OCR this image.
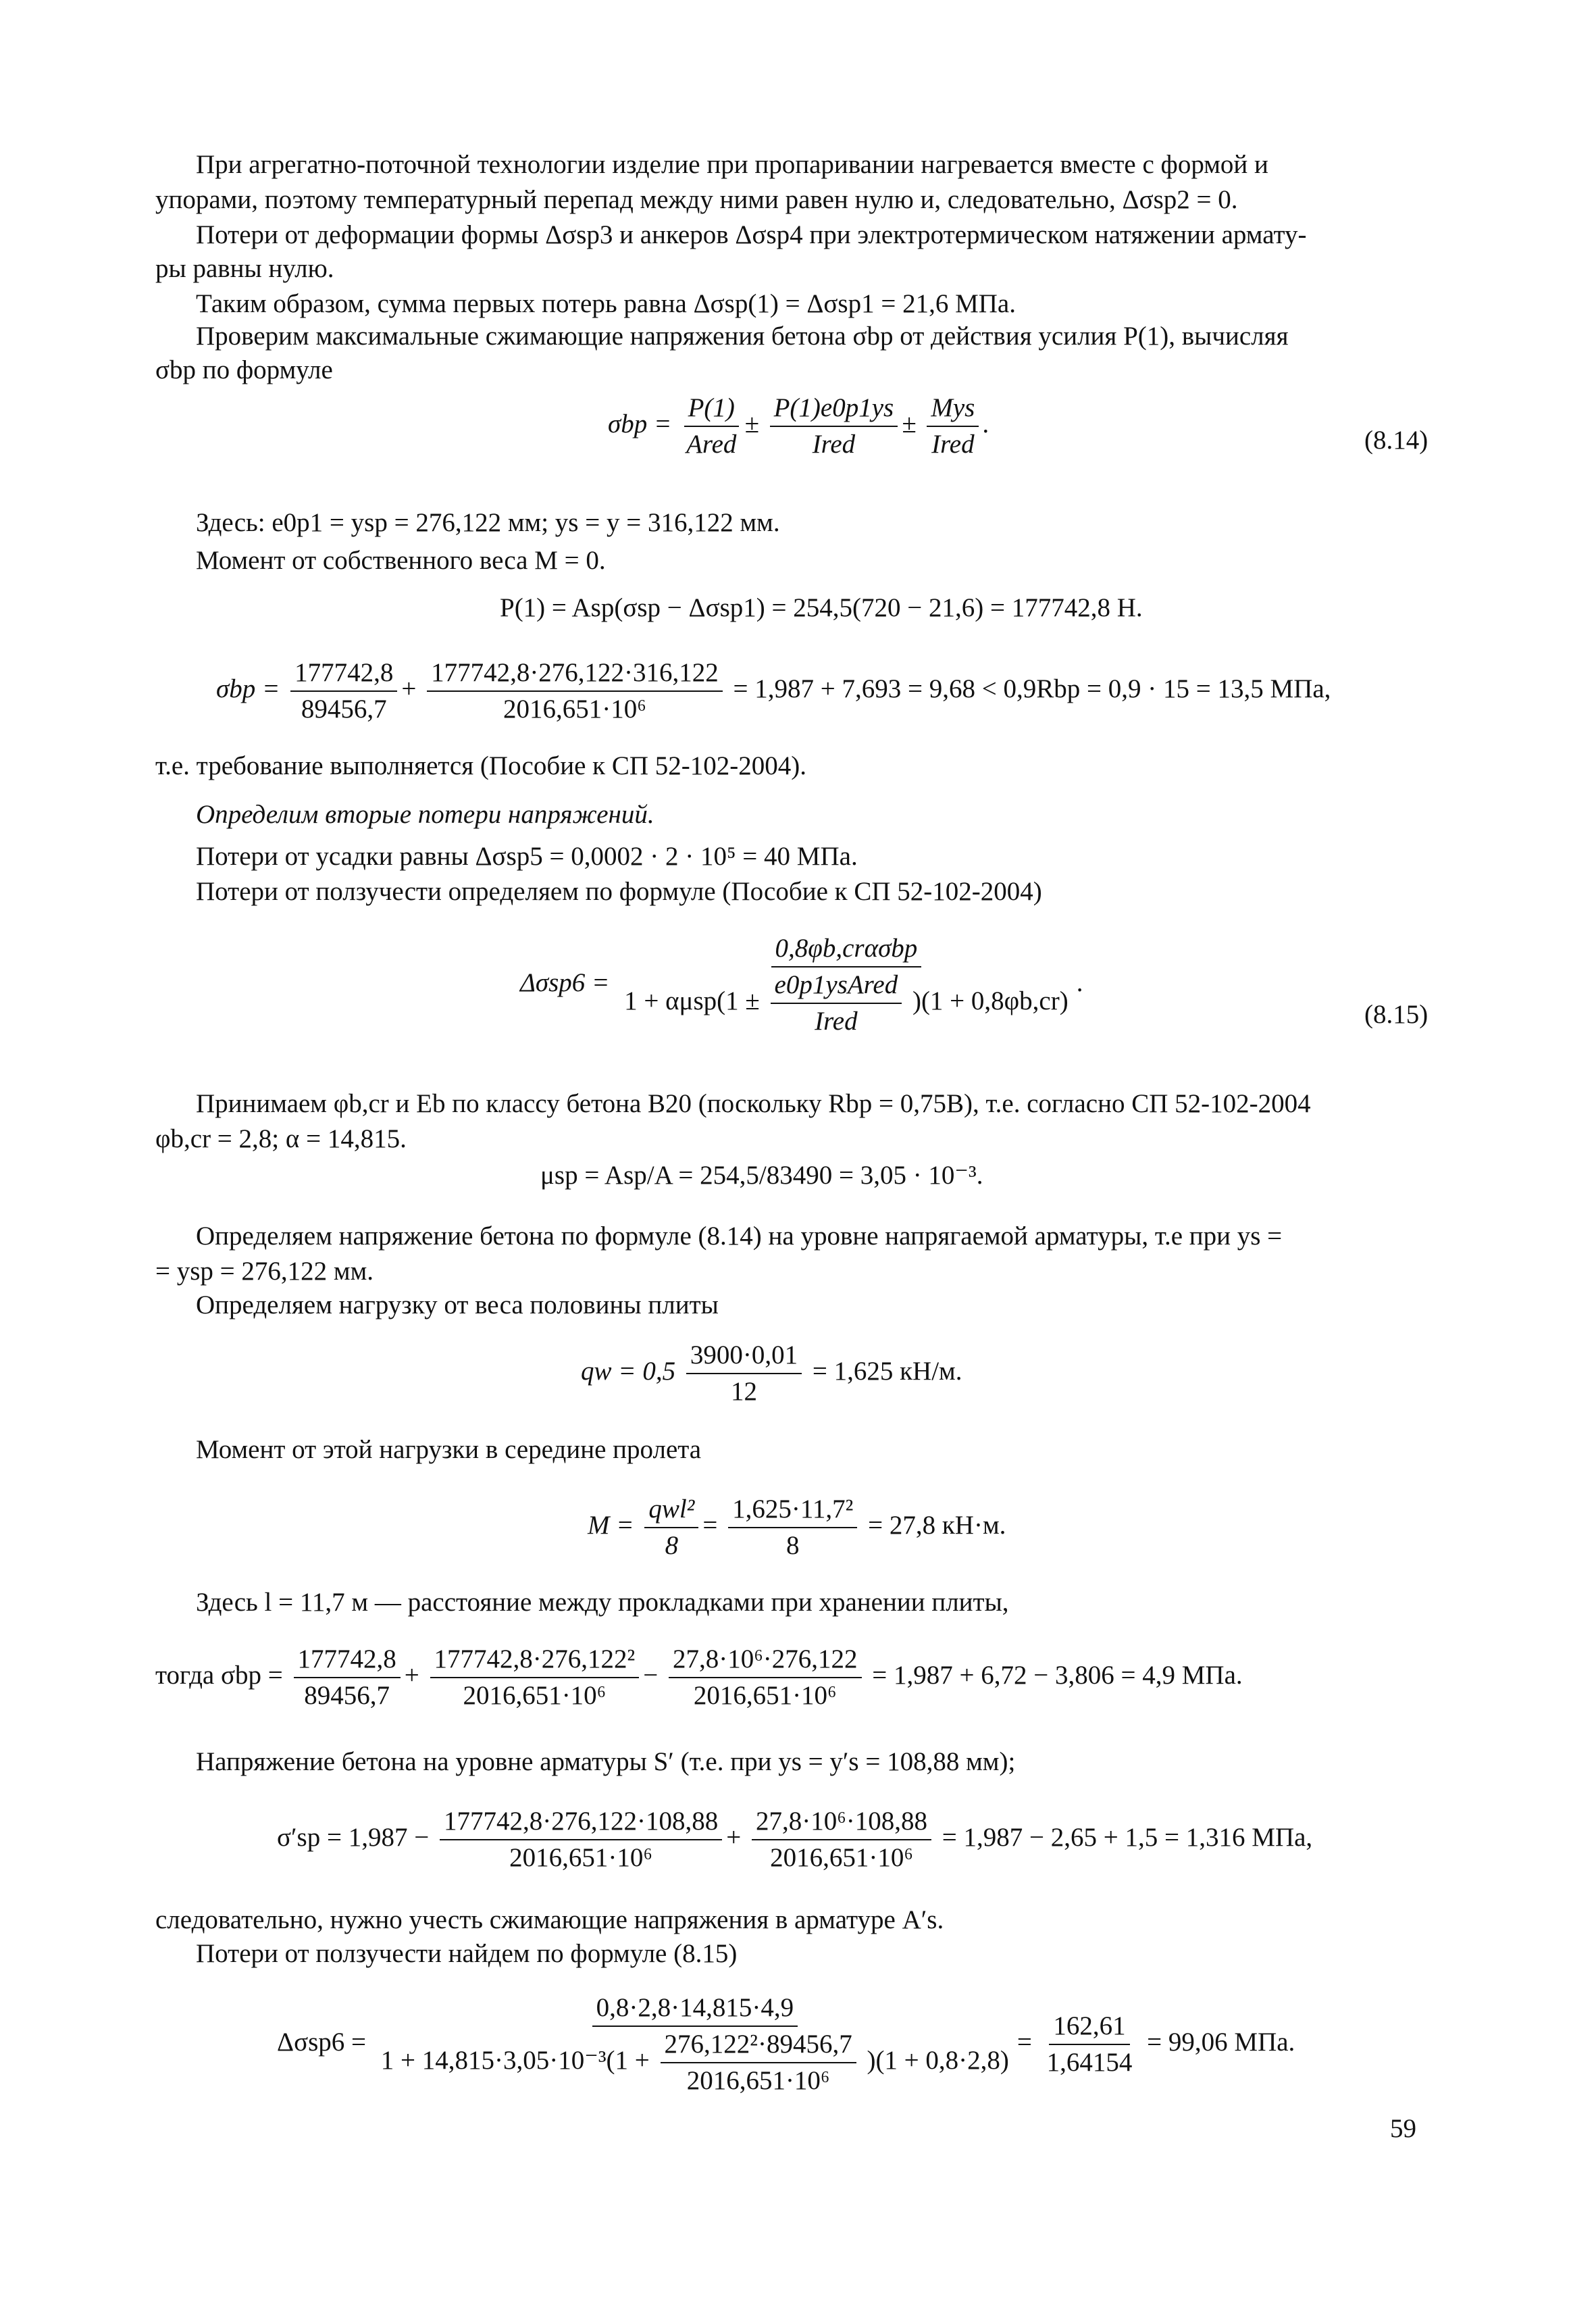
При агрегатно-поточной технологии изделие при пропаривании нагревается вместе с формой и
упорами, поэтому температурный перепад между ними равен нулю и, следовательно, Δσsp2 = 0.
Потери от деформации формы Δσsp3 и анкеров Δσsp4 при электротермическом натяжении армату-
ры равны нулю.
Таким образом, сумма первых потерь равна Δσsp(1) = Δσsp1 = 21,6 МПа.
Проверим максимальные сжимающие напряжения бетона σbp от действия усилия P(1), вычисляя
σbp по формуле
$\sigma bp = \frac{P(1)}{\text{Ared}} \pm \frac{P(1)e0p1ys}{\text{Ired}} \pm \frac{\text{Mys}}{\text{Ired}}$ .
(8.14)
Здесь: e0p1 = ysp = 276,122 мм; ys = y = 316,122 мм.
Момент от собственного веса M = 0.
P(1) = Asp(σsp − Δσsp1) = 254,5(720 − 21,6) = 177742,8 Н.
$\sigma bp = \frac{177742,8}{89456,7} + \frac{177742,8\cdot 276,122\cdot 316,122}{\text{2016,651·10⁶}} = 1,987 + 7,693 = 9,68 < 0,9Rbp = 0,9 \cdot 15 = 13,5$ МПа,
т.е. требование выполняется (Пособие к СП 52-102-2004).
Определим вторые потери напряжений.
Потери от усадки равны Δσsp5 = 0,0002 · 2 · 10⁵ = 40 МПа.
Потери от ползучести определяем по формуле (Пособие к СП 52-102-2004)
Δσsp6 =
0,8φb,crασbp
$1 + \alpha\mu sp(1 \pm \frac{\text{e0p1ysAred}}{\text{Ired}} )(1 + 0,8\varphi b,cr)$
.
(8.15)
Принимаем φb,cr и Eb по классу бетона В20 (поскольку Rbp = 0,75В), т.е. согласно СП 52-102-2004
φb,cr = 2,8; α = 14,815.
μsp = Asp/A = 254,5/83490 = 3,05 · 10⁻³.
Определяем напряжение бетона по формуле (8.14) на уровне напрягаемой арматуры, т.е при ys =
= ysp = 276,122 мм.
Определяем нагрузку от веса половины плиты
qw = $0,5 \frac{3900\cdot 0,01}{12} = 1,625$ кН/м.
Момент от этой нагрузки в середине пролета
$M = \frac{\text{qwl²}}{8} = \frac{\text{1,625·11,7²}}{8} = 27,8$ кН·м.
Здесь l = 11,7 м — расстояние между прокладками при хранении плиты,
тогда $\sigma bp = \frac{177742,8}{89456,7} + \frac{\text{177742,8·276,122²}}{\text{2016,651·10⁶}} - \frac{\text{27,8·10⁶·276,122}}{\text{2016,651·10⁶}} = 1,987 + 6,72 - 3,806 = 4,9$ МПа.
Напряжение бетона на уровне арматуры S′ (т.е. при ys = y′s = 108,88 мм);
$\sigma'sp = 1,987 - \frac{177742,8\cdot 276,122\cdot 108,88}{\text{2016,651·10⁶}} + \frac{\text{27,8·10⁶·108,88}}{\text{2016,651·10⁶}} = 1,987 - 2,65 + 1,5 = 1,316$ МПа,
следовательно, нужно учесть сжимающие напряжения в арматуре A′s.
Потери от ползучести найдем по формуле (8.15)
Δσsp6 =
0,8·2,8·14,815·4,9
$1 + 14,815\cdot 3,05\cdot 10^{-3}(1 + \frac{\text{276,122²·89456,7}}{\text{2016,651·10⁶}} )(1 + 0,8\cdot 2,8)$
= $\frac{162,61}{1,64154} = 99,06$ МПа.
59
